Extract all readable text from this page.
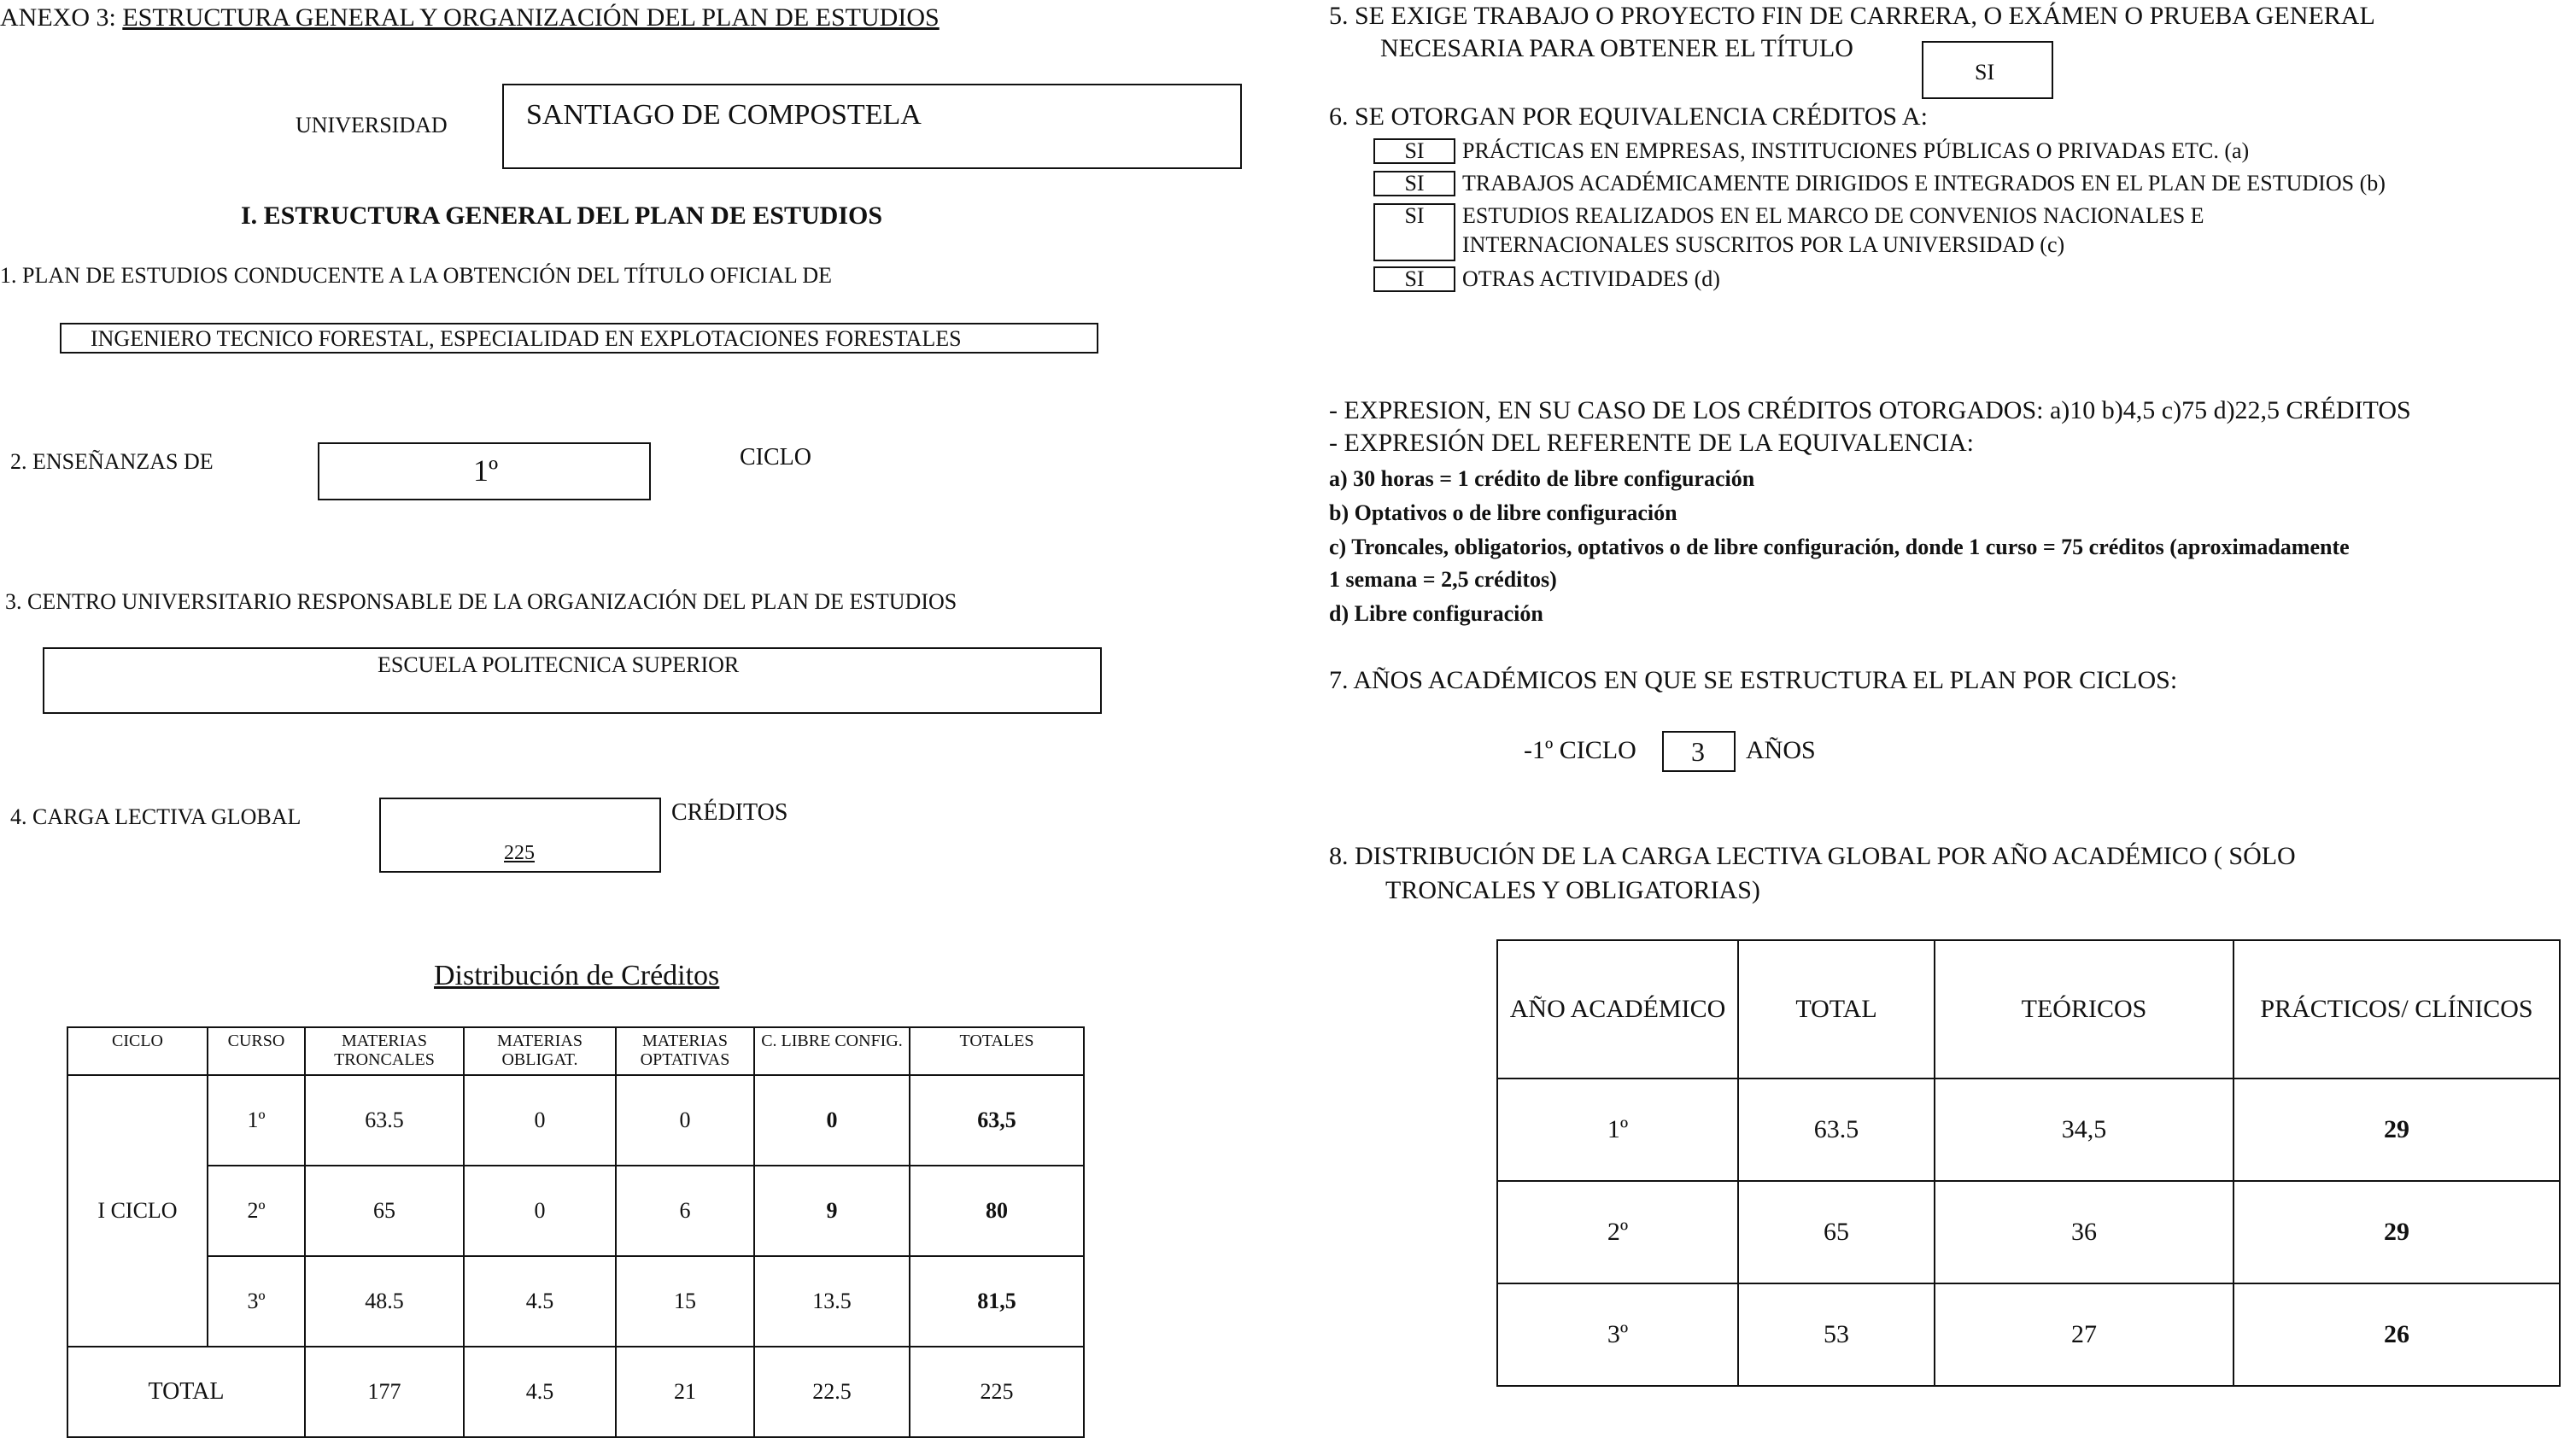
ANEXO 3: ESTRUCTURA GENERAL Y ORGANIZACIÓN DEL PLAN DE ESTUDIOS
UNIVERSIDAD	SANTIAGO DE COMPOSTELA
I. ESTRUCTURA GENERAL DEL PLAN DE ESTUDIOS
1. PLAN DE ESTUDIOS CONDUCENTE A LA OBTENCIÓN DEL TÍTULO OFICIAL DE
INGENIERO TECNICO FORESTAL, ESPECIALIDAD EN EXPLOTACIONES FORESTALES
2. ENSEÑANZAS DE	1º	CICLO
3. CENTRO UNIVERSITARIO RESPONSABLE DE LA ORGANIZACIÓN DEL PLAN DE ESTUDIOS
ESCUELA POLITECNICA SUPERIOR
4. CARGA LECTIVA GLOBAL
225
CRÉDITOS
Distribución de Créditos
CICLO	CURSO	MATERIAS TRONCALES	MATERIAS OBLIGAT.	MATERIAS OPTATIVAS	C. LIBRE CONFIG.	TOTALES
I CICLO	1º	63.5	0	0	0	63,5
	2º	65	0	6	9	80
	3º	48.5	4.5	15	13.5	81,5
TOTAL		177	4.5	21	22.5	225
5. SE EXIGE TRABAJO O PROYECTO FIN DE CARRERA, O EXÁMEN O PRUEBA GENERAL
NECESARIA PARA OBTENER EL TÍTULO
SI
6. SE OTORGAN POR EQUIVALENCIA CRÉDITOS A:
SI	PRÁCTICAS EN EMPRESAS, INSTITUCIONES PÚBLICAS O PRIVADAS ETC. (a)
SI	TRABAJOS ACADÉMICAMENTE DIRIGIDOS E INTEGRADOS EN EL PLAN DE ESTUDIOS (b)
SI	ESTUDIOS REALIZADOS EN EL MARCO DE CONVENIOS NACIONALES E
INTERNACIONALES SUSCRITOS POR LA UNIVERSIDAD (c)
SI	OTRAS ACTIVIDADES (d)
- EXPRESION, EN SU CASO DE LOS CRÉDITOS OTORGADOS: a)10 b)4,5 c)75 d)22,5 CRÉDITOS
- EXPRESIÓN DEL REFERENTE DE LA EQUIVALENCIA:
a) 30 horas = 1 crédito de libre configuración
b) Optativos o de libre configuración
c) Troncales, obligatorios, optativos o de libre configuración, donde 1 curso = 75 créditos (aproximadamente
1 semana = 2,5 créditos)
d) Libre configuración
7. AÑOS ACADÉMICOS EN QUE SE ESTRUCTURA EL PLAN POR CICLOS:
-1º CICLO 3 AÑOS
8. DISTRIBUCIÓN DE LA CARGA LECTIVA GLOBAL POR AÑO ACADÉMICO ( SÓLO
TRONCALES Y OBLIGATORIAS)
AÑO ACADÉMICO	TOTAL	TEÓRICOS	PRÁCTICOS/ CLÍNICOS
1º	63.5	34,5	29
2º	65	36	29
3º	53	27	26
